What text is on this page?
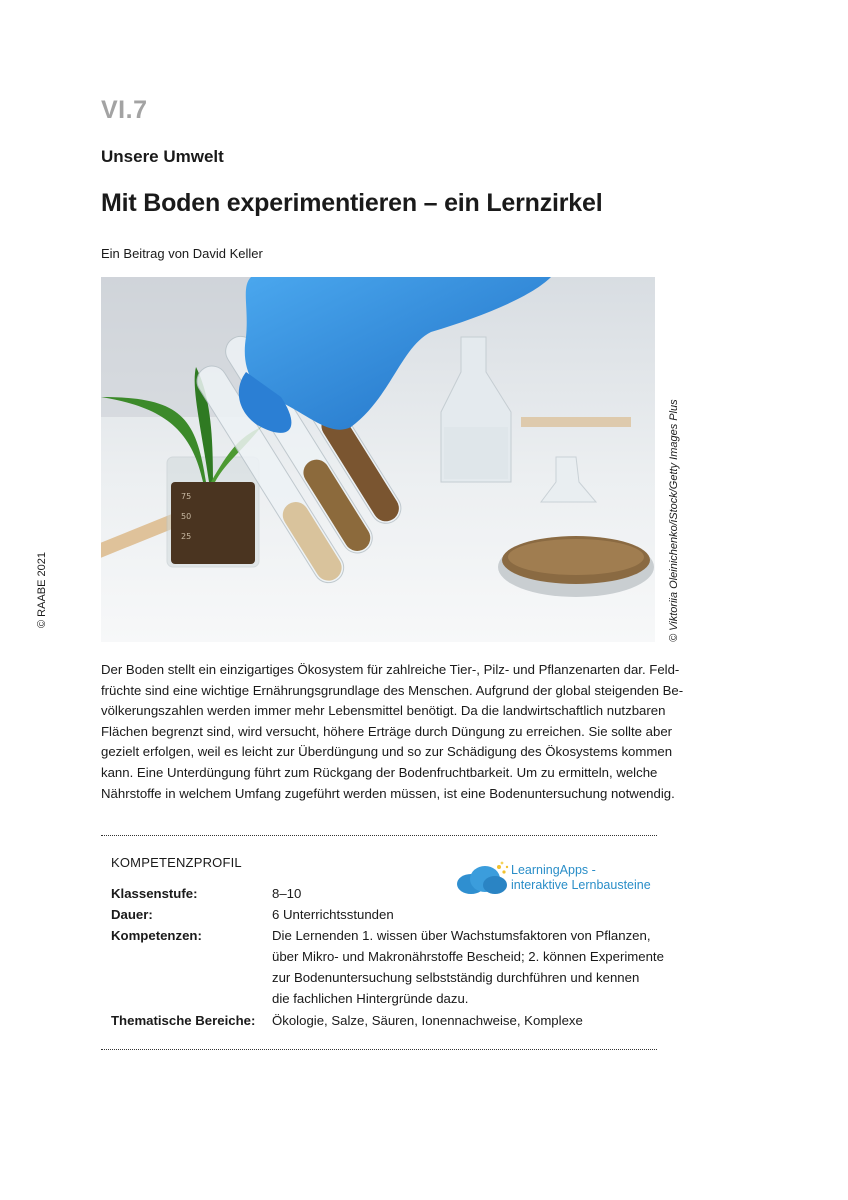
VI.7
Unsere Umwelt
Mit Boden experimentieren – ein Lernzirkel
Ein Beitrag von David Keller
75
50
25	© Viktoriia Oleinichenko/iStock/Getty Images Plus
© RAABE 2021
Der Boden stellt ein einzigartiges Ökosystem für zahlreiche Tier-, Pilz- und Pflanzenarten dar. Feld-
früchte sind eine wichtige Ernährungsgrundlage des Menschen. Aufgrund der global steigenden Be-
völkerungszahlen werden immer mehr Lebensmittel benötigt. Da die landwirtschaftlich nutzbaren
Flächen begrenzt sind, wird versucht, höhere Erträge durch Düngung zu erreichen. Sie sollte aber
gezielt erfolgen, weil es leicht zur Überdüngung und so zur Schädigung des Ökosystems kommen
kann. Eine Unterdüngung führt zum Rückgang der Bodenfruchtbarkeit. Um zu ermitteln, welche
Nährstoffe in welchem Umfang zugeführt werden müssen, ist eine Bodenuntersuchung notwendig.
KOMPETENZPROFIL	LearningApps -
interaktive Lernbausteine
Klassenstufe:	8–10
Dauer:	6 Unterrichtsstunden
Kompetenzen:	Die Lernenden 1. wissen über Wachstumsfaktoren von Pflanzen,
über Mikro- und Makronährstoffe Bescheid; 2. können Experimente
zur Bodenuntersuchung selbstständig durchführen und kennen
die fachlichen Hintergründe dazu.
Thematische Bereiche:	Ökologie, Salze, Säuren, Ionennachweise, Komplexe
